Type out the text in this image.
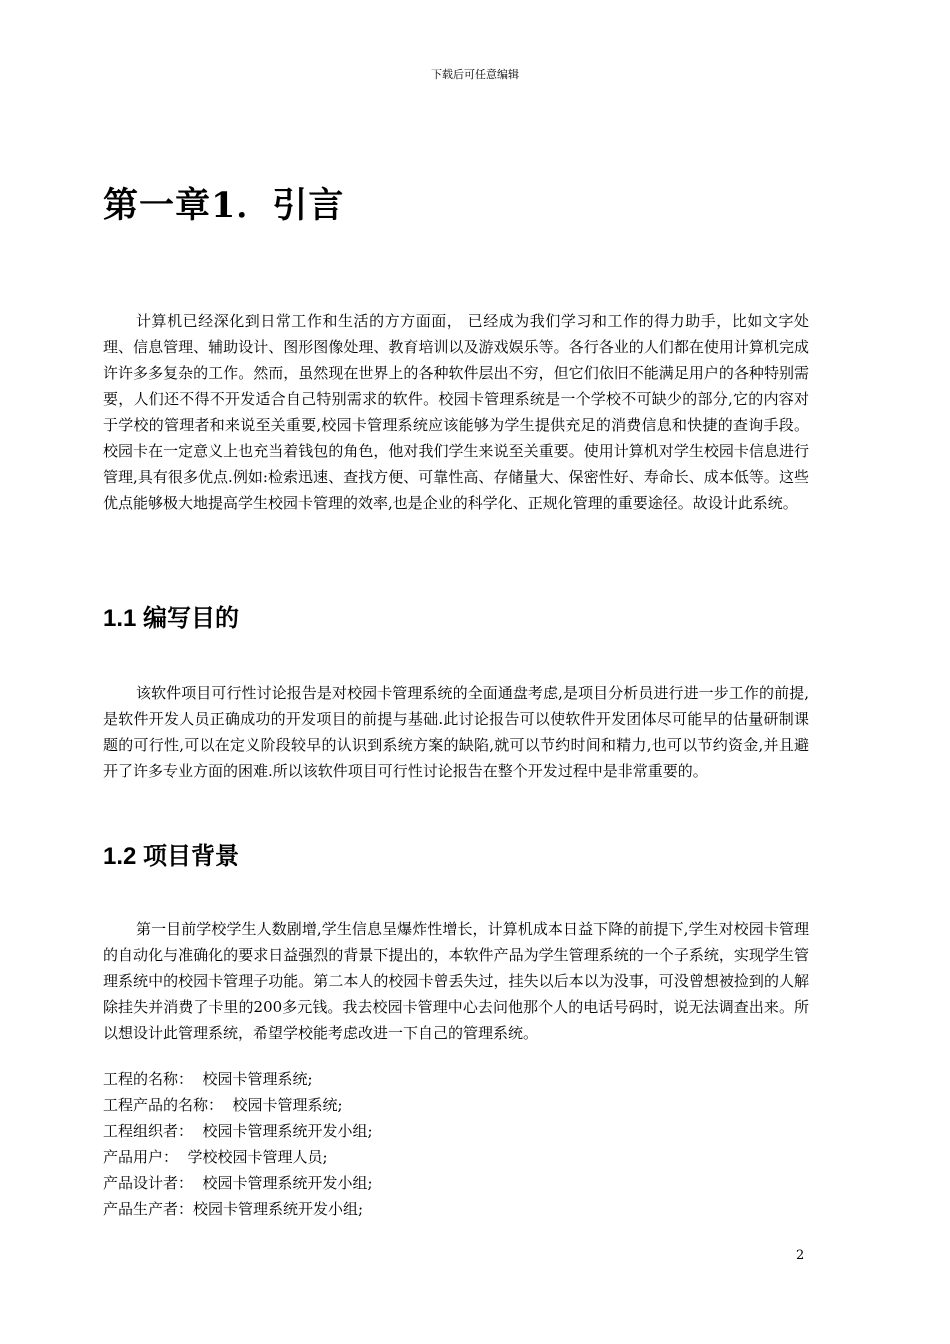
下载后可任意编辑
第一章1．引言

计算机已经深化到日常工作和生活的方方面面， 已经成为我们学习和工作的得力助手，比如文字处理、信息管理、辅助设计、图形图像处理、教育培训以及游戏娱乐等。各行各业的人们都在使用计算机完成许许多多复杂的工作。然而，虽然现在世界上的各种软件层出不穷，但它们依旧不能满足用户的各种特别需要，人们还不得不开发适合自己特别需求的软件。校园卡管理系统是一个学校不可缺少的部分,它的内容对于学校的管理者和来说至关重要,校园卡管理系统应该能够为学生提供充足的消费信息和快捷的查询手段。校园卡在一定意义上也充当着钱包的角色，他对我们学生来说至关重要。使用计算机对学生校园卡信息进行管理,具有很多优点.例如:检索迅速、查找方便、可靠性高、存储量大、保密性好、寿命长、成本低等。这些优点能够极大地提高学生校园卡管理的效率,也是企业的科学化、正规化管理的重要途径。故设计此系统。

1.1 编写目的

该软件项目可行性讨论报告是对校园卡管理系统的全面通盘考虑,是项目分析员进行进一步工作的前提,是软件开发人员正确成功的开发项目的前提与基础.此讨论报告可以使软件开发团体尽可能早的估量研制课题的可行性,可以在定义阶段较早的认识到系统方案的缺陷,就可以节约时间和精力,也可以节约资金,并且避开了许多专业方面的困难.所以该软件项目可行性讨论报告在整个开发过程中是非常重要的。

1.2 项目背景

第一目前学校学生人数剧增,学生信息呈爆炸性增长，计算机成本日益下降的前提下,学生对校园卡管理的自动化与准确化的要求日益强烈的背景下提出的，本软件产品为学生管理系统的一个子系统，实现学生管理系统中的校园卡管理子功能。第二本人的校园卡曾丢失过，挂失以后本以为没事，可没曾想被捡到的人解除挂失并消费了卡里的200多元钱。我去校园卡管理中心去问他那个人的电话号码时，说无法调查出来。所以想设计此管理系统，希望学校能考虑改进一下自己的管理系统。

工程的名称：  校园卡管理系统;
工程产品的名称：  校园卡管理系统;
工程组织者：  校园卡管理系统开发小组;
产品用户：  学校校园卡管理人员;
产品设计者：  校园卡管理系统开发小组;
产品生产者：校园卡管理系统开发小组;
2
